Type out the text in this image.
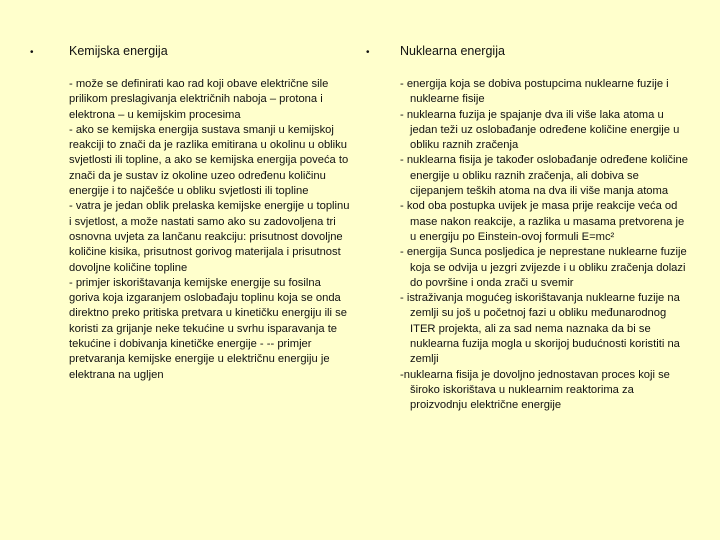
•	Kemijska energija

- može se definirati kao rad koji obave električne sile prilikom preslagivanja električnih naboja – protona i elektrona – u kemijskim procesima

- ako se kemijska energija sustava smanji u kemijskoj reakciji to znači da je razlika emitirana u okolinu u obliku svjetlosti ili topline, a ako se kemijska energija poveća to znači da je sustav iz okoline uzeo određenu količinu energije i to najčešće u obliku svjetlosti ili topline

- vatra je jedan oblik prelaska kemijske energije u toplinu i svjetlost, a može nastati samo ako su zadovoljena tri osnovna uvjeta za lančanu reakciju: prisutnost dovoljne količine kisika, prisutnost gorivog materijala i prisutnost dovoljne količine topline

- primjer iskorištavanja kemijske energije su fosilna goriva koja izgaranjem oslobađaju toplinu koja se onda direktno preko pritiska pretvara u kinetičku energiju ili se koristi za grijanje neke tekućine u svrhu isparavanja te tekućine i dobivanja kinetičke energije - -- primjer pretvaranja kemijske energije u električnu energiju je elektrana na ugljen

•	Nuklearna energija

- energija koja se dobiva postupcima nuklearne fuzije i nuklearne fisije

- nuklearna fuzija je spajanje dva ili više laka atoma u jedan teži uz oslobađanje određene količine energije u obliku raznih zračenja

- nuklearna fisija je također oslobađanje određene količine energije u obliku raznih zračenja, ali dobiva se cijepanjem teških atoma na dva ili više manja atoma

- kod oba postupka uvijek je masa prije reakcije veća od mase nakon reakcije, a razlika u masama pretvorena je u energiju po Einstein-ovoj formuli E=mc²

- energija Sunca posljedica je neprestane nuklearne fuzije koja se odvija u jezgri zvijezde i u obliku zračenja dolazi do površine i onda zrači u svemir

- istraživanja mogućeg iskorištavanja nuklearne fuzije na zemlji su još u početnoj fazi u obliku međunarodnog ITER projekta, ali za sad nema naznaka da bi se nuklearna fuzija mogla u skorijoj budućnosti koristiti na zemlji

-nuklearna fisija je dovoljno jednostavan proces koji se široko iskorištava u nuklearnim reaktorima za proizvodnju električne energije
